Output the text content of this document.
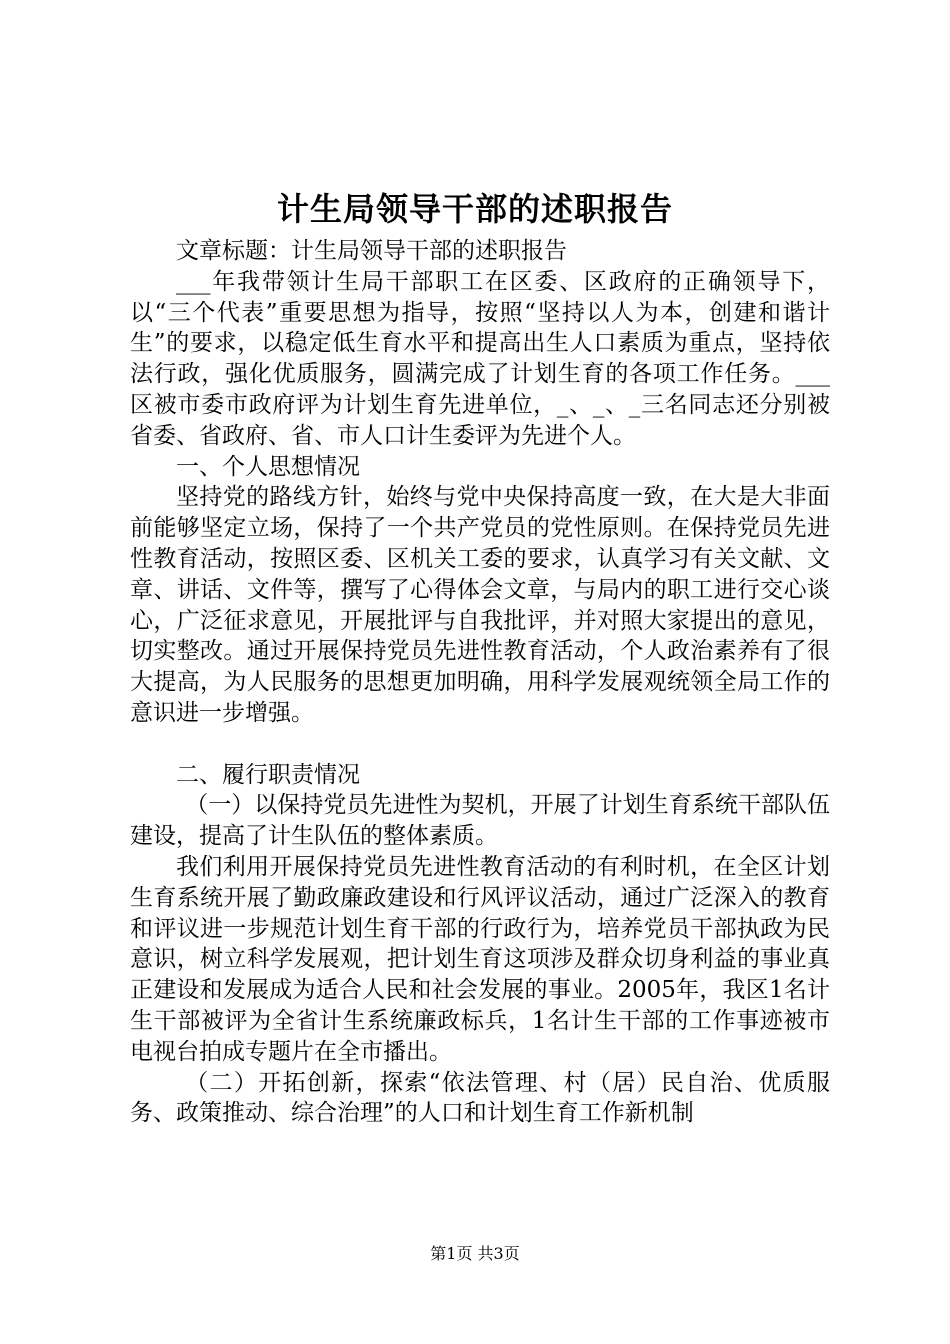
计生局领导干部的述职报告

文章标题：计生局领导干部的述职报告

___年我带领计生局干部职工在区委、区政府的正确领导下，以“三个代表”重要思想为指导，按照“坚持以人为本，创建和谐计生”的要求，以稳定低生育水平和提高出生人口素质为重点，坚持依法行政，强化优质服务，圆满完成了计划生育的各项工作任务。___区被市委市政府评为计划生育先进单位，_、_、_三名同志还分别被省委、省政府、省、市人口计生委评为先进个人。

一、个人思想情况

坚持党的路线方针，始终与党中央保持高度一致，在大是大非面前能够坚定立场，保持了一个共产党员的党性原则。在保持党员先进性教育活动，按照区委、区机关工委的要求，认真学习有关文献、文章、讲话、文件等，撰写了心得体会文章，与局内的职工进行交心谈心，广泛征求意见，开展批评与自我批评，并对照大家提出的意见，切实整改。通过开展保持党员先进性教育活动，个人政治素养有了很大提高，为人民服务的思想更加明确，用科学发展观统领全局工作的意识进一步增强。

二、履行职责情况

（一）以保持党员先进性为契机，开展了计划生育系统干部队伍建设，提高了计生队伍的整体素质。

我们利用开展保持党员先进性教育活动的有利时机，在全区计划生育系统开展了勤政廉政建设和行风评议活动，通过广泛深入的教育和评议进一步规范计划生育干部的行政行为，培养党员干部执政为民意识，树立科学发展观，把计划生育这项涉及群众切身利益的事业真正建设和发展成为适合人民和社会发展的事业。2005年，我区1名计生干部被评为全省计生系统廉政标兵，1名计生干部的工作事迹被市电视台拍成专题片在全市播出。

（二）开拓创新，探索“依法管理、村（居）民自治、优质服务、政策推动、综合治理”的人口和计划生育工作新机制

第1页 共3页
